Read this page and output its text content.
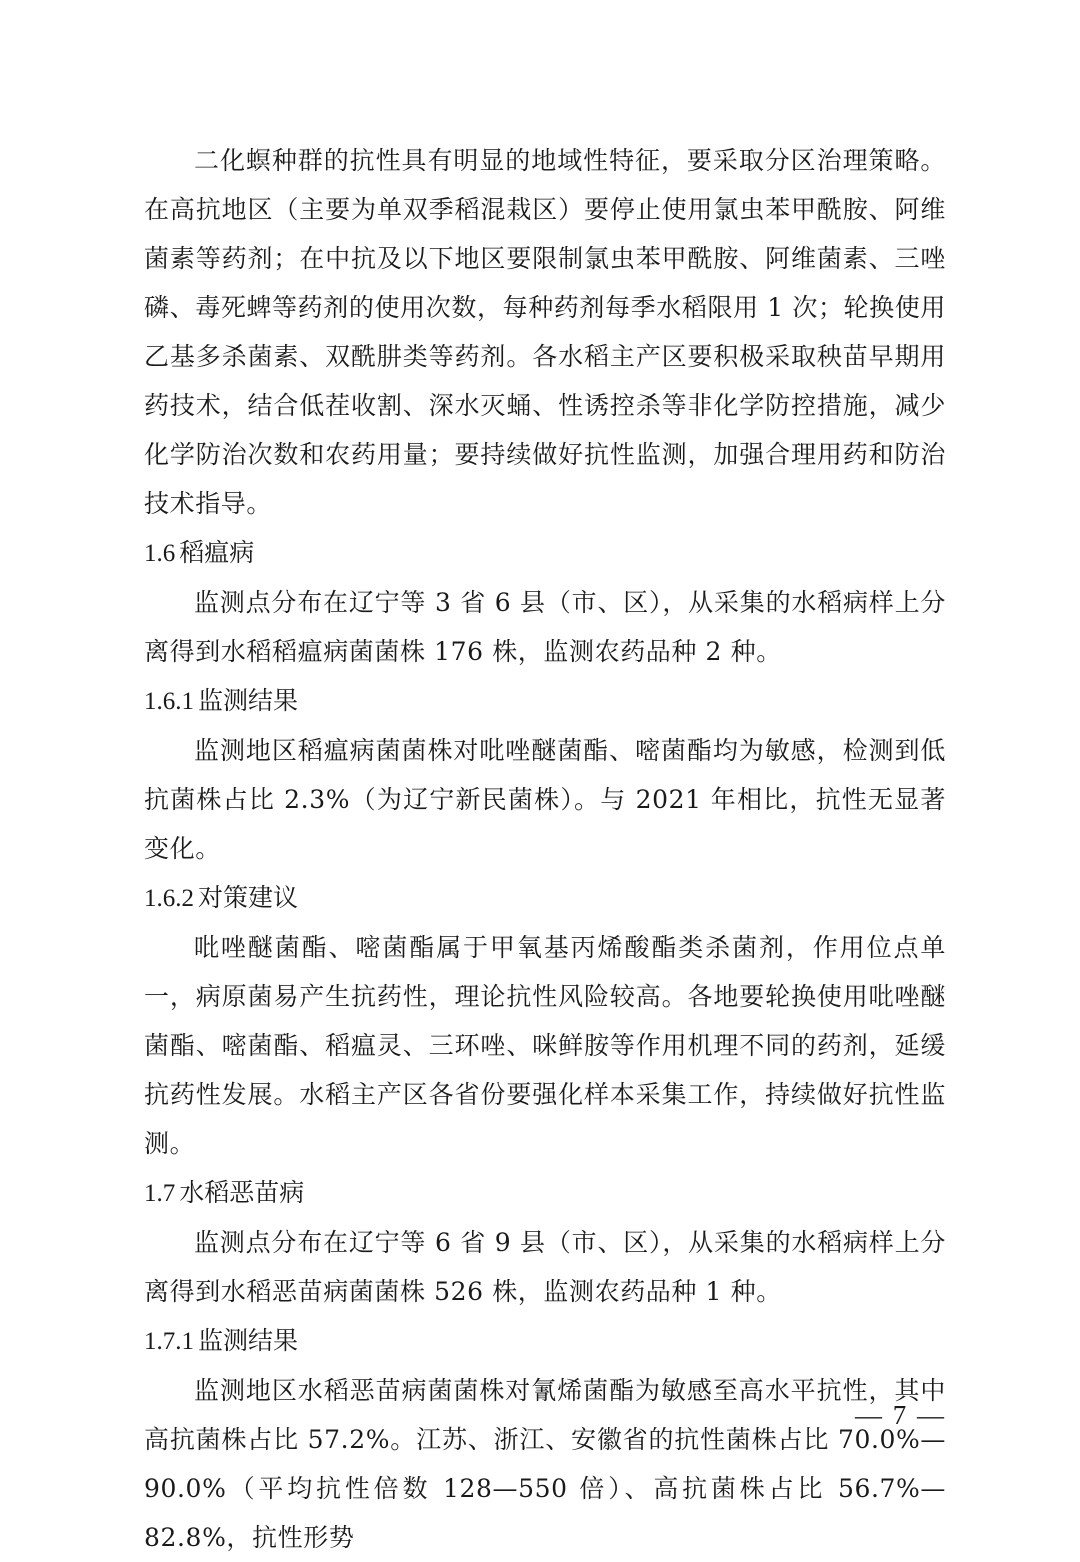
二化螟种群的抗性具有明显的地域性特征，要采取分区治理策略。在高抗地区（主要为单双季稻混栽区）要停止使用氯虫苯甲酰胺、阿维菌素等药剂；在中抗及以下地区要限制氯虫苯甲酰胺、阿维菌素、三唑磷、毒死蜱等药剂的使用次数，每种药剂每季水稻限用 1 次；轮换使用乙基多杀菌素、双酰肼类等药剂。各水稻主产区要积极采取秧苗早期用药技术，结合低茬收割、深水灭蛹、性诱控杀等非化学防控措施，减少化学防治次数和农药用量；要持续做好抗性监测，加强合理用药和防治技术指导。

1.6 稻瘟病

监测点分布在辽宁等 3 省 6 县（市、区），从采集的水稻病样上分离得到水稻稻瘟病菌菌株 176 株，监测农药品种 2 种。

1.6.1 监测结果

监测地区稻瘟病菌菌株对吡唑醚菌酯、嘧菌酯均为敏感，检测到低抗菌株占比 2.3%（为辽宁新民菌株）。与 2021 年相比，抗性无显著变化。

1.6.2 对策建议

吡唑醚菌酯、嘧菌酯属于甲氧基丙烯酸酯类杀菌剂，作用位点单一，病原菌易产生抗药性，理论抗性风险较高。各地要轮换使用吡唑醚菌酯、嘧菌酯、稻瘟灵、三环唑、咪鲜胺等作用机理不同的药剂，延缓抗药性发展。水稻主产区各省份要强化样本采集工作，持续做好抗性监测。

1.7 水稻恶苗病

监测点分布在辽宁等 6 省 9 县（市、区），从采集的水稻病样上分离得到水稻恶苗病菌菌株 526 株，监测农药品种 1 种。

1.7.1 监测结果

监测地区水稻恶苗病菌菌株对氰烯菌酯为敏感至高水平抗性，其中高抗菌株占比 57.2%。江苏、浙江、安徽省的抗性菌株占比 70.0%—90.0%（平均抗性倍数 128—550 倍）、高抗菌株占比 56.7%—82.8%，抗性形势

— 7 —
